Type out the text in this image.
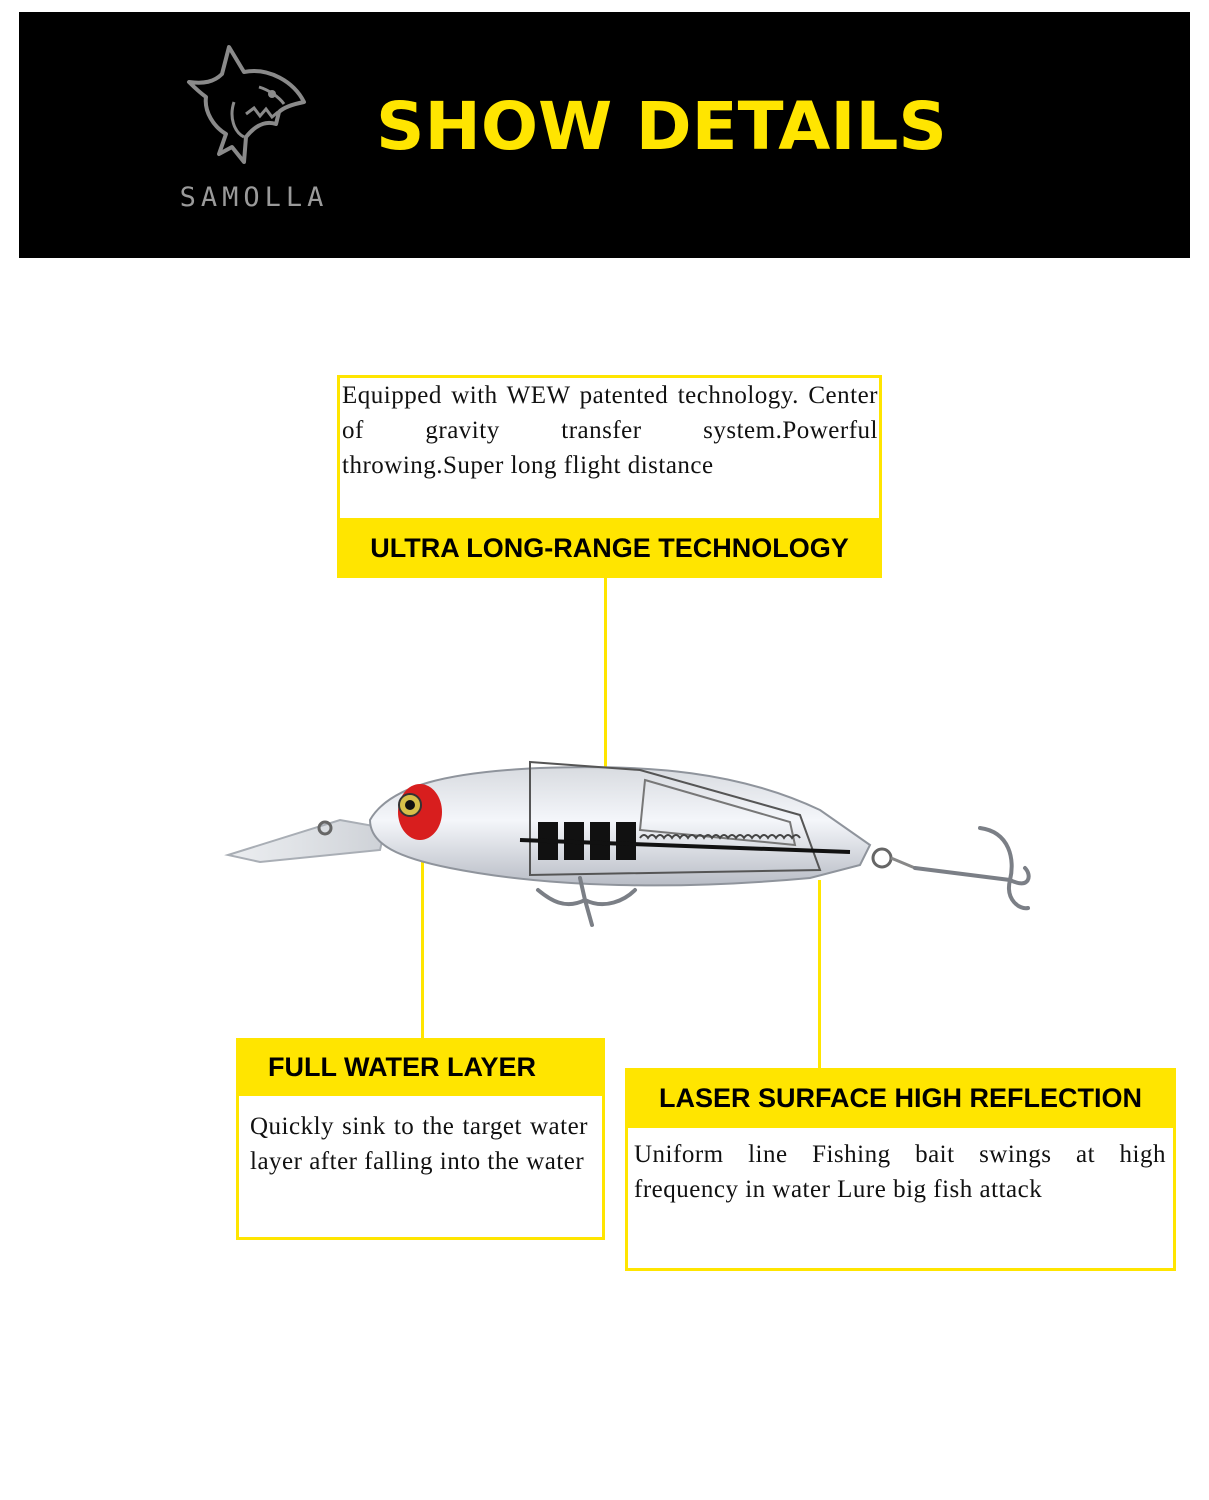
SAMOLLA
SHOW DETAILS
Equipped with WEW patented technology. Center of gravity transfer system.Powerful throwing.Super long flight distance
ULTRA LONG-RANGE TECHNOLOGY
FULL WATER LAYER
Quickly sink to the target water layer after falling into the water
LASER SURFACE HIGH REFLECTION
Uniform line Fishing bait swings at high frequency in water Lure big fish attack
